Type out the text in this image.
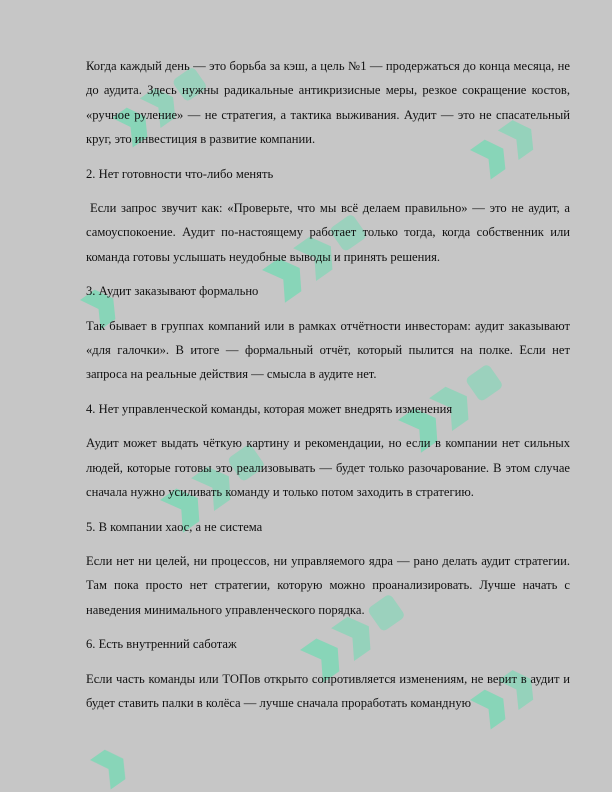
Когда каждый день — это борьба за кэш, а цель №1 — продержаться до конца месяца, не до аудита. Здесь нужны радикальные антикризисные меры, резкое сокращение костов, «ручное руление» — не стратегия, а тактика выживания. Аудит — это не спасательный круг, это инвестиция в развитие компании.

2. Нет готовности что-либо менять

Если запрос звучит как: «Проверьте, что мы всё делаем правильно» — это не аудит, а самоуспокоение. Аудит по-настоящему работает только тогда, когда собственник или команда готовы услышать неудобные выводы и принять решения.

3. Аудит заказывают формально

Так бывает в группах компаний или в рамках отчётности инвесторам: аудит заказывают «для галочки». В итоге — формальный отчёт, который пылится на полке. Если нет запроса на реальные действия — смысла в аудите нет.

4. Нет управленческой команды, которая может внедрять изменения

Аудит может выдать чёткую картину и рекомендации, но если в компании нет сильных людей, которые готовы это реализовывать — будет только разочарование. В этом случае сначала нужно усиливать команду и только потом заходить в стратегию.

5. В компании хаос, а не система

Если нет ни целей, ни процессов, ни управляемого ядра — рано делать аудит стратегии. Там пока просто нет стратегии, которую можно проанализировать. Лучше начать с наведения минимального управленческого порядка.

6. Есть внутренний саботаж

Если часть команды или ТОПов открыто сопротивляется изменениям, не верит в аудит и будет ставить палки в колёса — лучше сначала проработать командную
